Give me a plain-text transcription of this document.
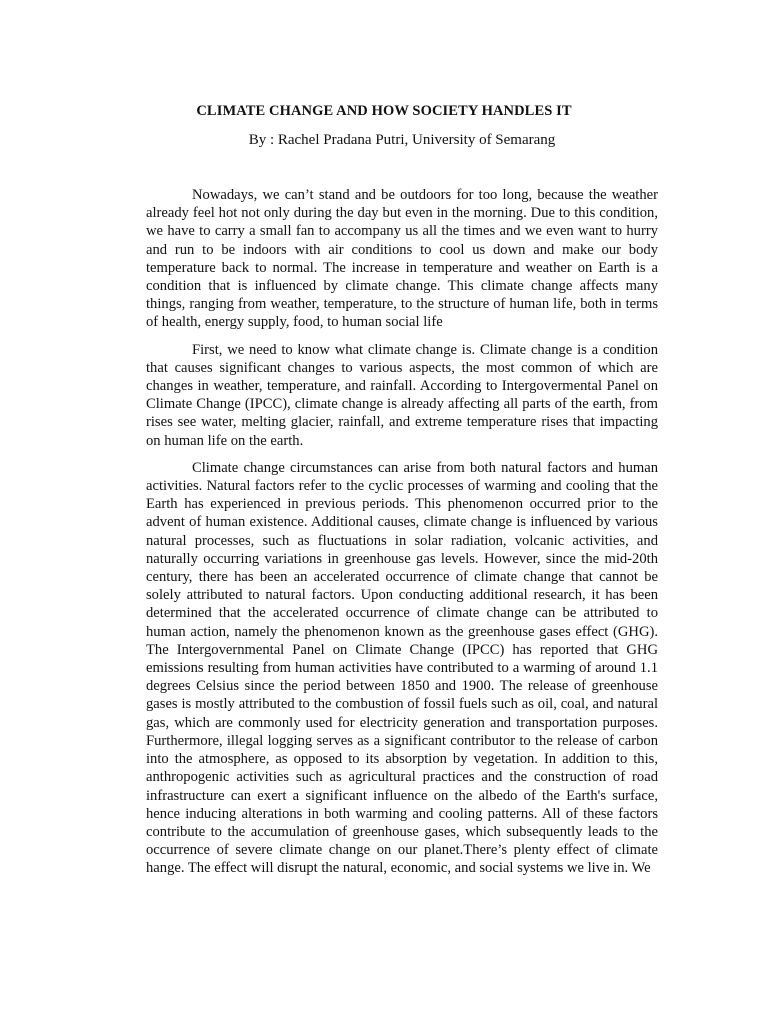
CLIMATE CHANGE AND HOW SOCIETY HANDLES IT
By : Rachel Pradana Putri, University of Semarang

Nowadays, we can’t stand and be outdoors for too long, because the weather already feel hot not only during the day but even in the morning. Due to this condition, we have to carry a small fan to accompany us all the times and we even want to hurry and run to be indoors with air conditions to cool us down and make our body temperature back to normal. The increase in temperature and weather on Earth is a condition that is influenced by climate change. This climate change affects many things, ranging from weather, temperature, to the structure of human life, both in terms of health, energy supply, food, to human social life

First, we need to know what climate change is. Climate change is a condition that causes significant changes to various aspects, the most common of which are changes in weather, temperature, and rainfall. According to Intergovermental Panel on Climate Change (IPCC), climate change is already affecting all parts of the earth, from rises see water, melting glacier, rainfall, and extreme temperature rises that impacting on human life on the earth.

Climate change circumstances can arise from both natural factors and human activities. Natural factors refer to the cyclic processes of warming and cooling that the Earth has experienced in previous periods. This phenomenon occurred prior to the advent of human existence. Additional causes, climate change is influenced by various natural processes, such as fluctuations in solar radiation, volcanic activities, and naturally occurring variations in greenhouse gas levels. However, since the mid-20th century, there has been an accelerated occurrence of climate change that cannot be solely attributed to natural factors. Upon conducting additional research, it has been determined that the accelerated occurrence of climate change can be attributed to human action, namely the phenomenon known as the greenhouse gases effect (GHG). The Intergovernmental Panel on Climate Change (IPCC) has reported that GHG emissions resulting from human activities have contributed to a warming of around 1.1 degrees Celsius since the period between 1850 and 1900. The release of greenhouse gases is mostly attributed to the combustion of fossil fuels such as oil, coal, and natural gas, which are commonly used for electricity generation and transportation purposes. Furthermore, illegal logging serves as a significant contributor to the release of carbon into the atmosphere, as opposed to its absorption by vegetation. In addition to this, anthropogenic activities such as agricultural practices and the construction of road infrastructure can exert a significant influence on the albedo of the Earth's surface, hence inducing alterations in both warming and cooling patterns. All of these factors contribute to the accumulation of greenhouse gases, which subsequently leads to the occurrence of severe climate change on our planet.There’s plenty effect of climate hange. The effect will disrupt the natural, economic, and social systems we live in. We
